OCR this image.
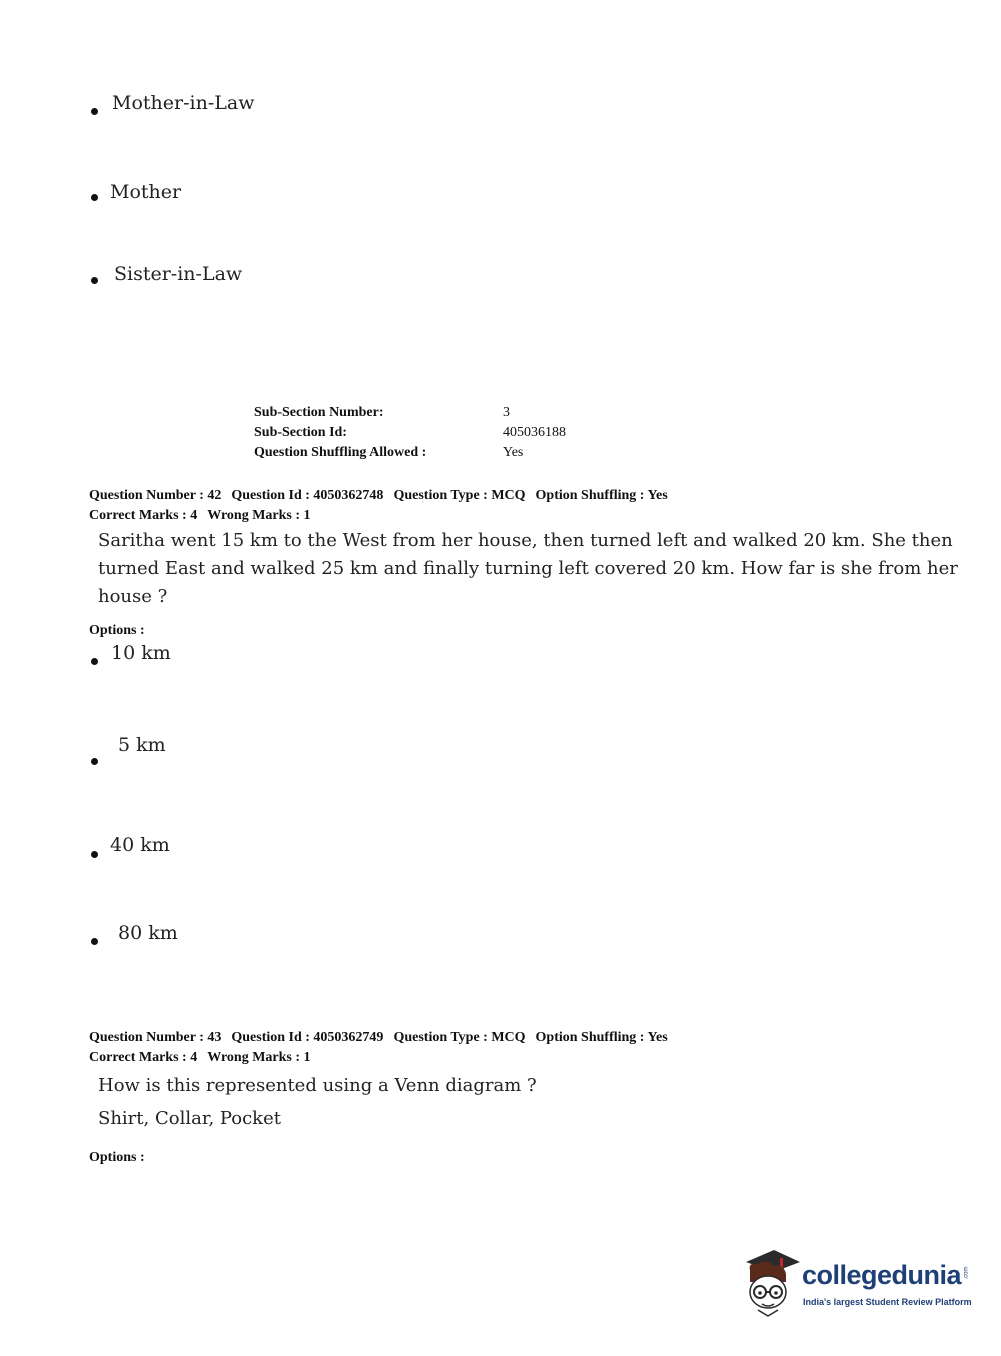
Mother-in-Law
Mother
Sister-in-Law
Sub-Section Number:	3
Sub-Section Id:	405036188
Question Shuffling Allowed :	Yes
Question Number : 42 Question Id : 4050362748 Question Type : MCQ Option Shuffling : Yes
Correct Marks : 4 Wrong Marks : 1
Saritha went 15 km to the West from her house, then turned left and walked 20 km. She then
turned East and walked 25 km and finally turning left covered 20 km. How far is she from her
house ?
Options :
10 km
5 km
40 km
80 km
Question Number : 43 Question Id : 4050362749 Question Type : MCQ Option Shuffling : Yes
Correct Marks : 4 Wrong Marks : 1
How is this represented using a Venn diagram ?
Shirt, Collar, Pocket
Options :
collegedunia .com
India's largest Student Review Platform
